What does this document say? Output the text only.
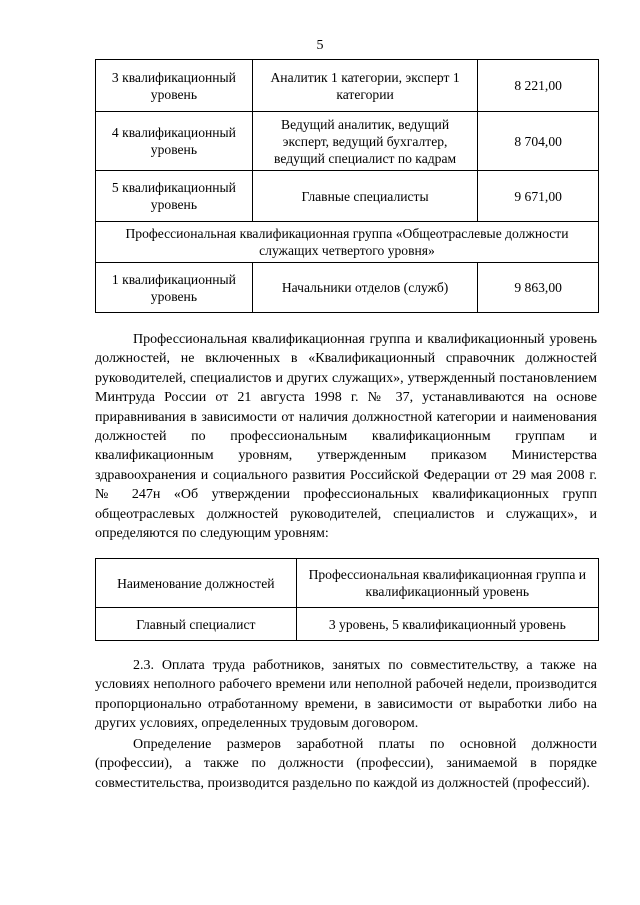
5
3 квалификационный уровень	Аналитик 1 категории, эксперт 1 категории	8 221,00
4 квалификационный уровень	Ведущий аналитик, ведущий эксперт, ведущий бухгалтер, ведущий специалист по кадрам	8 704,00
5 квалификационный уровень	Главные специалисты	9 671,00
Профессиональная квалификационная группа «Общеотраслевые должности служащих четвертого уровня»		
1 квалификационный уровень	Начальники отделов (служб)	9 863,00

Профессиональная квалификационная группа и квалификационный уровень должностей, не включенных в «Квалификационный справочник должностей руководителей, специалистов и других служащих», утвержденный постановлением Минтруда России от 21 августа 1998 г. № 37, устанавливаются на основе приравнивания в зависимости от наличия должностной категории и наименования должностей по профессиональным квалификационным группам и квалификационным уровням, утвержденным приказом Министерства здравоохранения и социального развития Российской Федерации от 29 мая 2008 г. № 247н «Об утверждении профессиональных квалификационных групп общеотраслевых должностей руководителей, специалистов и служащих», и определяются по следующим уровням:

Наименование должностей	Профессиональная квалификационная группа и квалификационный уровень
Главный специалист	3 уровень, 5 квалификационный уровень

2.3. Оплата труда работников, занятых по совместительству, а также на условиях неполного рабочего времени или неполной рабочей недели, производится пропорционально отработанному времени, в зависимости от выработки либо на других условиях, определенных трудовым договором.

Определение размеров заработной платы по основной должности (профессии), а также по должности (профессии), занимаемой в порядке совместительства, производится раздельно по каждой из должностей (профессий).
